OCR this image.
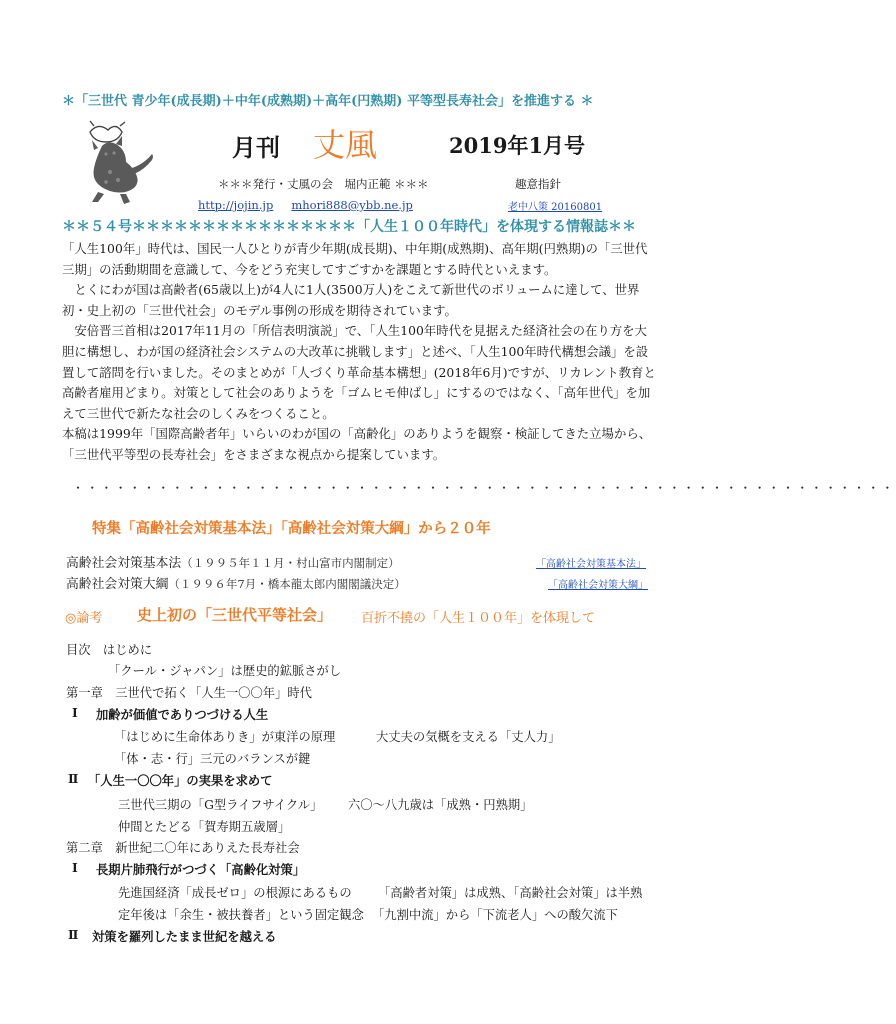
＊「三世代 青少年(成長期)＋中年(成熟期)＋高年(円熟期) 平等型長寿社会」を推進する ＊
月刊 丈風	2019年1月号
＊＊＊発行・丈風の会　堀内正範 ＊＊＊	趣意指針
http://jojin.jp mhori888@ybb.ne.jp	老中八策 20160801
＊＊５４号＊＊＊＊＊＊＊＊＊＊＊＊＊＊＊＊「人生１００年時代」を体現する情報誌＊＊

「人生100年」時代は、国民一人ひとりが青少年期(成長期)、中年期(成熟期)、高年期(円熟期)の「三世代三期」の活動期間を意識して、今をどう充実してすごすかを課題とする時代といえます。

　とくにわが国は高齢者(65歳以上)が4人に1人(3500万人)をこえて新世代のボリュームに達して、世界初・史上初の「三世代社会」のモデル事例の形成を期待されています。

　安倍晋三首相は2017年11月の「所信表明演説」で、「人生100年時代を見据えた経済社会の在り方を大胆に構想し、わが国の経済社会システムの大改革に挑戦します」と述べ、「人生100年時代構想会議」を設置して諮問を行いました。そのまとめが「人づくり革命基本構想」(2018年6月)ですが、リカレント教育と高齢者雇用どまり。対策として社会のありようを「ゴムヒモ伸ばし」にするのではなく、「高年世代」を加えて三世代で新たな社会のしくみをつくること。

本稿は1999年「国際高齢者年」いらいのわが国の「高齢化」のありようを観察・検証してきた立場から、「三世代平等型の長寿社会」をさまざまな視点から提案しています。

・・・・・・・・・・・・・・・・・・・・・・・・・・・・・・・・・・・・・・・・・・・・・・・・・・・・・・・・・・
特集「高齢社会対策基本法」「高齢社会対策大綱」から２０年
高齢社会対策基本法（１９９５年１１月・村山富市内閣制定）	「高齢社会対策基本法」
高齢社会対策大綱（１９９６年7月・橋本龍太郎内閣閣議決定）	「高齢社会対策大綱」
◎論考 史上初の「三世代平等社会」 百折不撓の「人生１００年」を体現して
目次　 はじめに
「クール・ジャパン」は歴史的鉱脈さがし
第一章　三世代で拓く「人生一〇〇年」時代
Ⅰ 加齢が価値でありつづける人生
「はじめに生命体ありき」が東洋の原理	大丈夫の気概を支える「丈人力」
「体・志・行」三元のバランスが鍵
Ⅱ 「人生一〇〇年」の実果を求めて
三世代三期の「G型ライフサイクル」 六〇～八九歳は「成熟・円熟期」
仲間とたどる「賀寿期五歳層」
第二章　新世紀二〇年にありえた長寿社会
Ⅰ 長期片肺飛行がつづく「高齢化対策」
先進国経済「成長ゼロ」の根源にあるもの 「高齢者対策」は成熟、「高齢社会対策」は半熟
定年後は「余生・被扶養者」という固定観念 「九割中流」から「下流老人」への酸欠流下
Ⅱ 対策を羅列したまま世紀を越える
